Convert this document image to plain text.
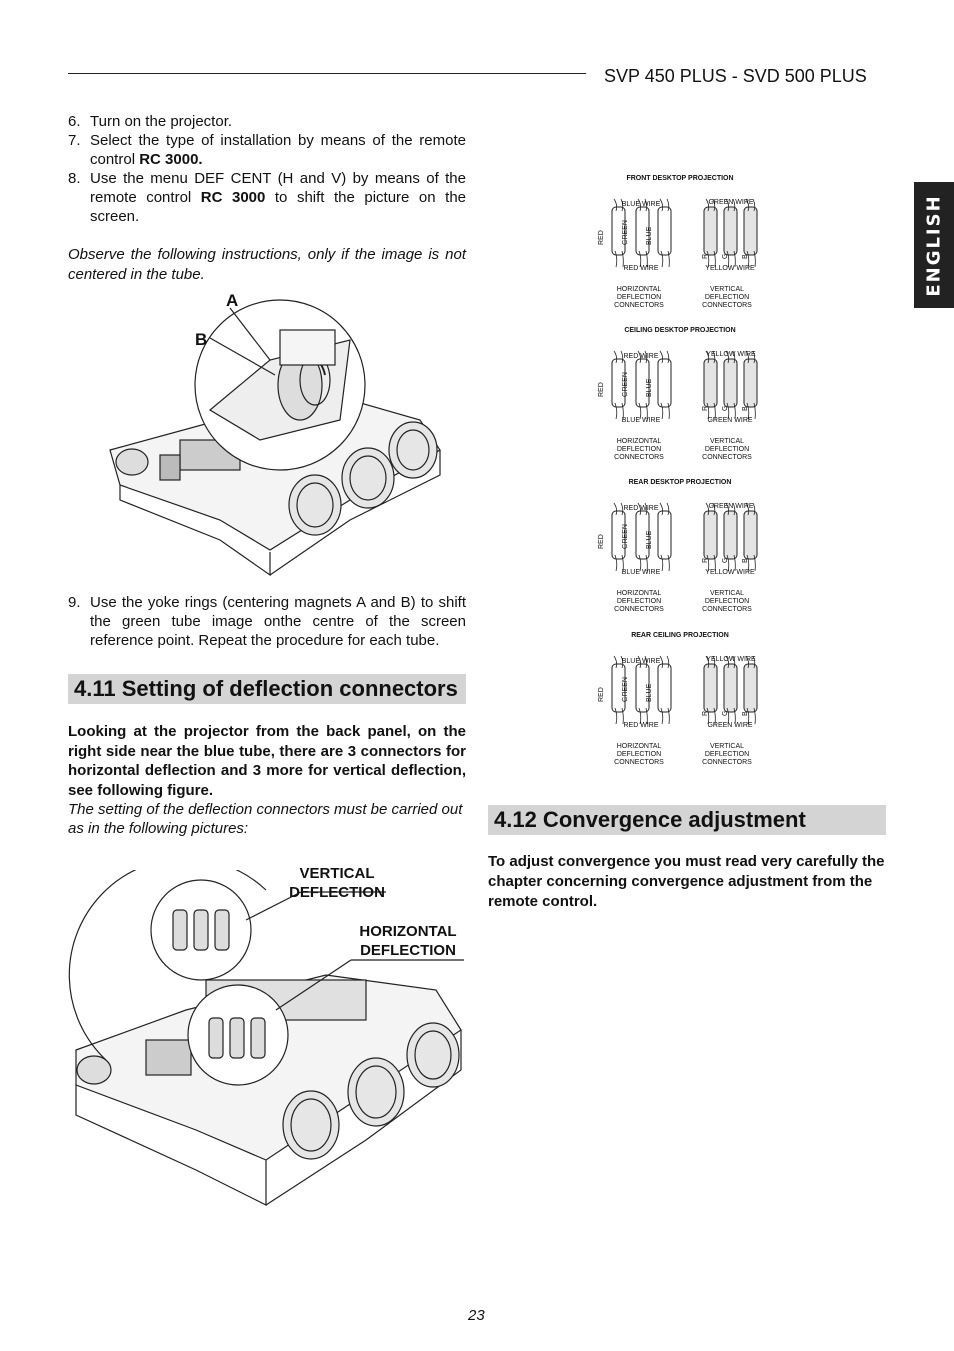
SVP 450 PLUS - SVD 500 PLUS
ENGLISH
6. Turn on the projector.
7. Select the type of installation by means of the remote control RC 3000.
8. Use the menu DEF CENT (H and V) by means of the remote control RC 3000 to shift the picture on the screen.
Observe the following instructions, only if the image is not centered in the tube.
A
B
9. Use the yoke rings (centering magnets A and B) to shift the green tube image onthe centre of the screen reference point. Repeat the procedure for each tube.
4.11 Setting of deflection connectors
Looking at the projector from the back panel, on the right side near the blue tube, there are 3 connectors for horizontal deflection and 3 more for vertical deflection, see following figure.
The setting of the deflection connectors must be carried out as in the following pictures:
VERTICAL
DEFLECTION
HORIZONTAL
DEFLECTION
FRONT DESKTOP PROJECTION
BLUE WIRE	GREEN WIRE
RED WIRE	YELLOW WIRE
HORIZONTAL
DEFLECTION
CONNECTORS
VERTICAL
DEFLECTION
CONNECTORS
RED GREEN BLUE
R G B
CEILING DESKTOP PROJECTION
RED WIRE	YELLOW WIRE
BLUE WIRE	GREEN WIRE
HORIZONTAL
DEFLECTION
CONNECTORS
VERTICAL
DEFLECTION
CONNECTORS
RED GREEN BLUE
R G B
REAR DESKTOP PROJECTION
RED WIRE	GREEN WIRE
BLUE WIRE	YELLOW WIRE
HORIZONTAL
DEFLECTION
CONNECTORS
VERTICAL
DEFLECTION
CONNECTORS
RED GREEN BLUE
R G B
REAR CEILING PROJECTION
BLUE WIRE	YELLOW WIRE
RED WIRE	GREEN WIRE
HORIZONTAL
DEFLECTION
CONNECTORS
VERTICAL
DEFLECTION
CONNECTORS
RED GREEN BLUE
R G B
4.12 Convergence adjustment
To adjust convergence you must read very carefully the chapter concerning convergence adjustment from the remote control.
23
